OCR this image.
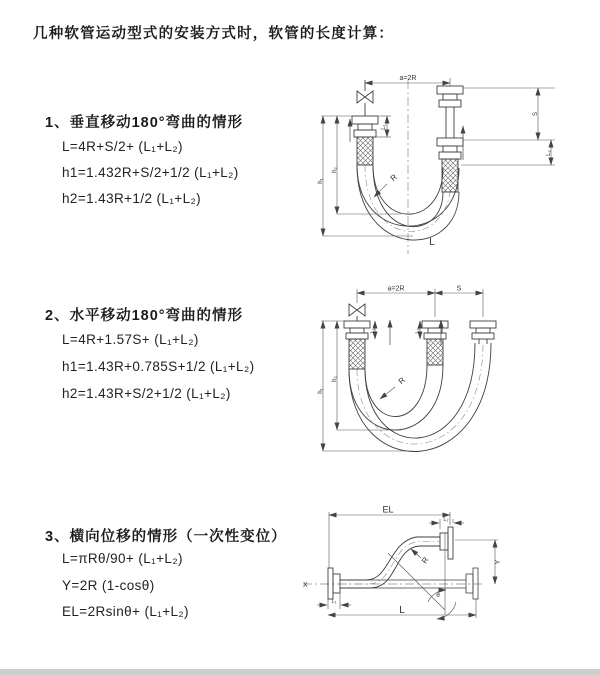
几种软管运动型式的安装方式时，软管的长度计算：
1、垂直移动180°弯曲的情形
L=4R+S/2+ (L₁+L₂)
h1=1.432R+S/2+1/2 (L₁+L₂)
h2=1.43R+1/2 (L₁+L₂)
2、水平移动180°弯曲的情形
L=4R+1.57S+ (L₁+L₂)
h1=1.43R+0.785S+1/2 (L₁+L₂)
h2=1.43R+S/2+1/2 (L₁+L₂)
3、横向位移的情形（一次性变位）
L=πRθ/90+ (L₁+L₂)
Y=2R (1-cosθ)
EL=2Rsinθ+ (L₁+L₂)
a=2R
L₁
h₁
h₂
S
L₂
R
L
a=2R	S
L₁	L₂
h₁
h₂	R
X
EL
L₂
Y
θ
R
L₁
L
